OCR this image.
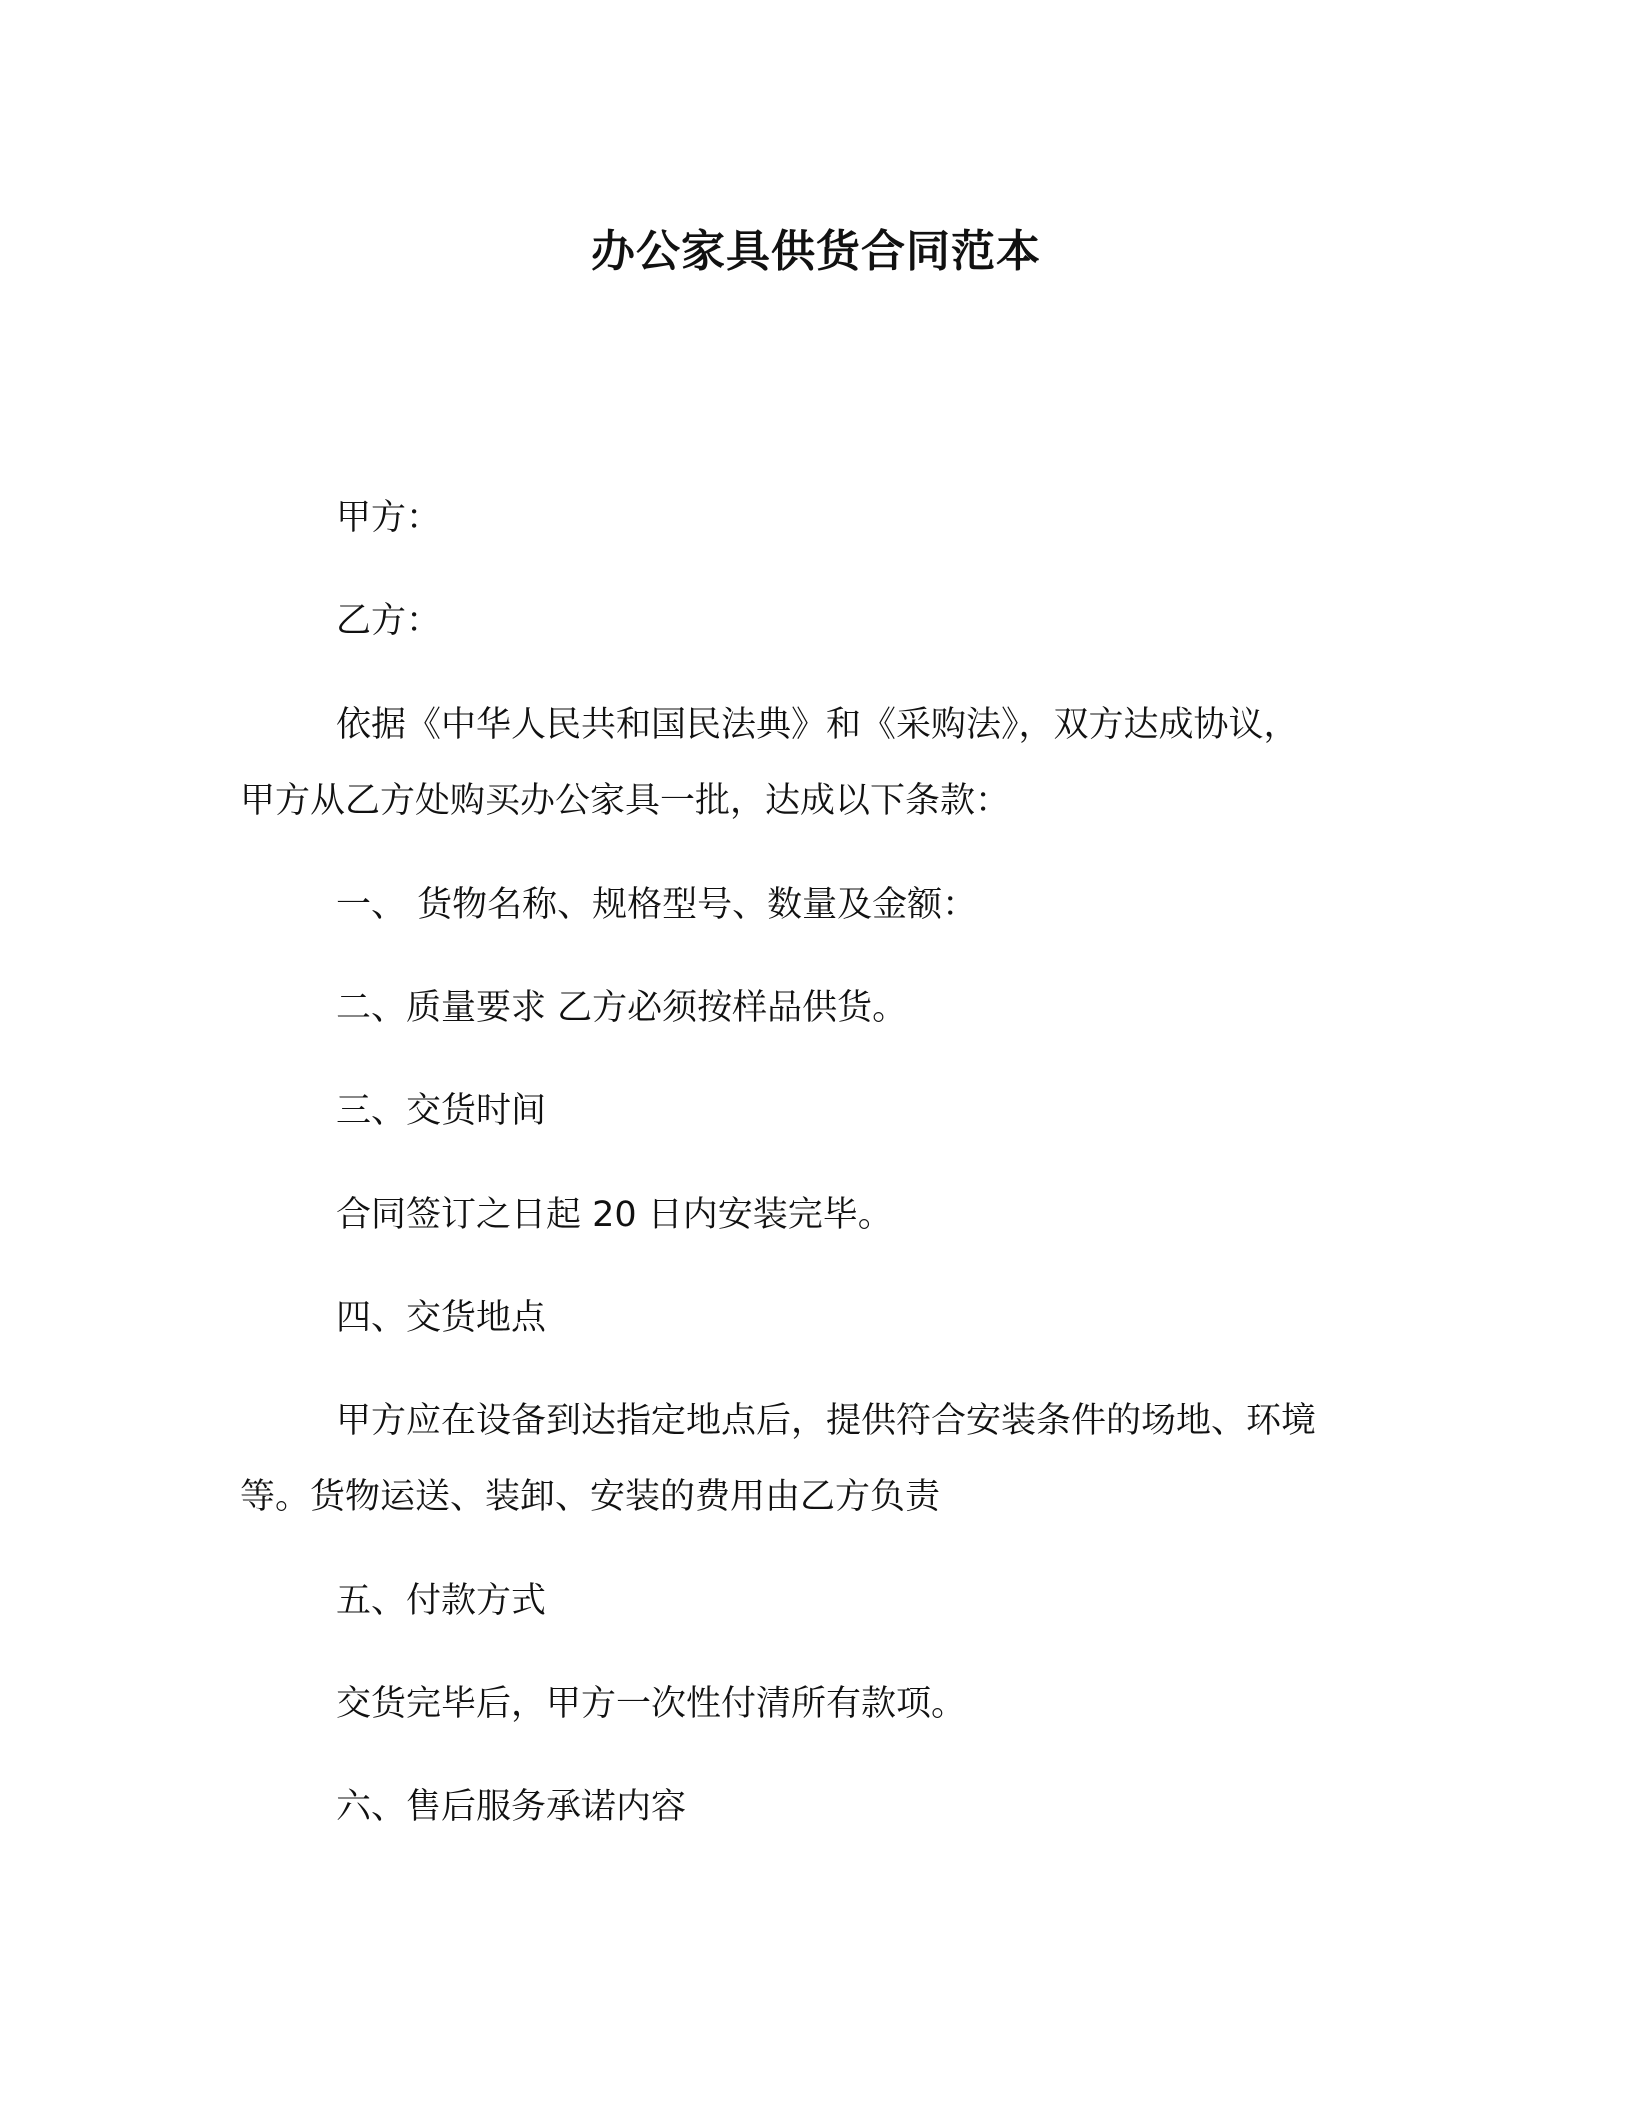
办公家具供货合同范本
甲方：
乙方：
依据《中华人民共和国民法典》和《采购法》，双方达成协议，
甲方从乙方处购买办公家具一批，达成以下条款：
一、 货物名称、规格型号、数量及金额：
二、质量要求 乙方必须按样品供货。
三、交货时间
合同签订之日起 20 日内安装完毕。
四、交货地点
甲方应在设备到达指定地点后，提供符合安装条件的场地、环境
等。货物运送、装卸、安装的费用由乙方负责
五、付款方式
交货完毕后，甲方一次性付清所有款项。
六、售后服务承诺内容
